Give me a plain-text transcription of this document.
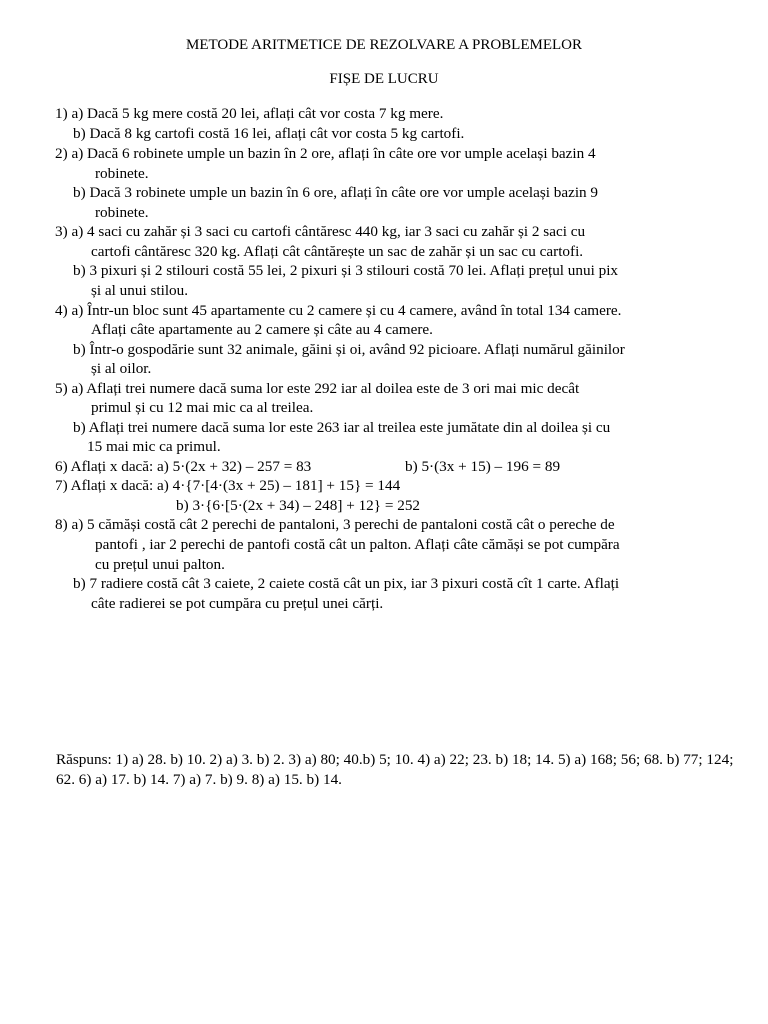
METODE ARITMETICE DE REZOLVARE A PROBLEMELOR
FIȘE DE LUCRU
1) a) Dacă 5 kg mere costă 20 lei, aflați cât vor costa 7 kg mere.
b) Dacă 8 kg cartofi costă 16 lei, aflați cât vor costa 5 kg cartofi.
2) a) Dacă 6 robinete umple un bazin în 2 ore, aflați în câte ore vor umple același bazin 4
robinete.
b) Dacă 3 robinete umple un bazin în 6 ore, aflați în câte ore vor umple același bazin 9
robinete.
3) a) 4 saci cu zahăr și 3 saci cu cartofi cântăresc 440 kg, iar 3 saci cu zahăr și 2 saci cu
cartofi cântăresc 320 kg. Aflați cât cântărește un sac de zahăr și un sac cu cartofi.
b) 3 pixuri și 2 stilouri costă 55 lei, 2 pixuri și 3 stilouri costă 70 lei. Aflați prețul unui pix
și al unui stilou.
4) a) Într-un bloc sunt 45 apartamente cu 2 camere și cu 4 camere, având în total 134 camere.
Aflați câte apartamente au 2 camere și câte au 4 camere.
b) Într-o gospodărie sunt 32 animale, găini și oi, având 92 picioare. Aflați numărul găinilor
și al oilor.
5) a) Aflați trei numere dacă suma lor este 292 iar al doilea este de 3 ori mai mic decât
primul și cu 12 mai mic ca al treilea.
b) Aflați trei numere dacă suma lor este 263 iar al treilea este jumătate din al doilea și cu
15 mai mic ca primul.
6) Aflați x dacă: a) 5·(2x + 32) – 257 = 83	b) 5·(3x + 15) – 196 = 89
7) Aflați x dacă: a) 4·{7·[4·(3x + 25) – 181] + 15} = 144
b) 3·{6·[5·(2x + 34) – 248] + 12} = 252
8) a) 5 cămăși costă cât 2 perechi de pantaloni, 3 perechi de pantaloni costă cât o pereche de
pantofi , iar 2 perechi de pantofi costă cât un palton. Aflați câte cămăși se pot cumpăra
cu prețul unui palton.
b) 7 radiere costă cât 3 caiete, 2 caiete costă cât un pix, iar 3 pixuri costă cît 1 carte. Aflați
câte radierei se pot cumpăra cu prețul unei cărți.
Răspuns: 1) a) 28. b) 10. 2) a) 3. b) 2. 3) a) 80; 40.b) 5; 10. 4) a) 22; 23. b) 18; 14. 5) a) 168; 56; 68. b) 77; 124; 62. 6) a) 17. b) 14. 7) a) 7. b) 9. 8) a) 15. b) 14.
